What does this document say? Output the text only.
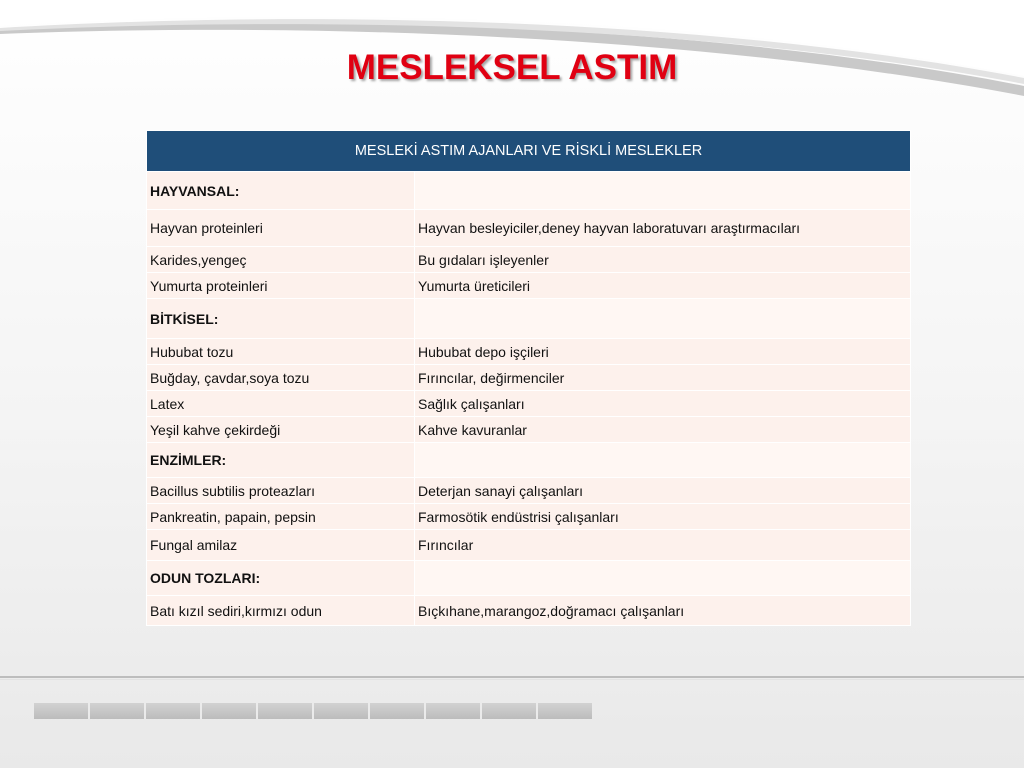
MESLEKSEL ASTIM
MESLEKİ ASTIM AJANLARI VE RİSKLİ MESLEKLER	
HAYVANSAL:	
Hayvan proteinleri	Hayvan besleyiciler,deney hayvan laboratuvarı araştırmacıları
Karides,yengeç	Bu gıdaları işleyenler
Yumurta proteinleri	Yumurta üreticileri
BİTKİSEL:	
Hububat tozu	Hububat depo işçileri
Buğday, çavdar,soya tozu	Fırıncılar, değirmenciler
Latex	Sağlık çalışanları
Yeşil kahve çekirdeği	Kahve kavuranlar
ENZİMLER:	
Bacillus subtilis proteazları	Deterjan sanayi çalışanları
Pankreatin, papain, pepsin	Farmosötik endüstrisi çalışanları
Fungal amilaz	Fırıncılar
ODUN TOZLARI:	
Batı kızıl sediri,kırmızı odun	Bıçkıhane,marangoz,doğramacı çalışanları
